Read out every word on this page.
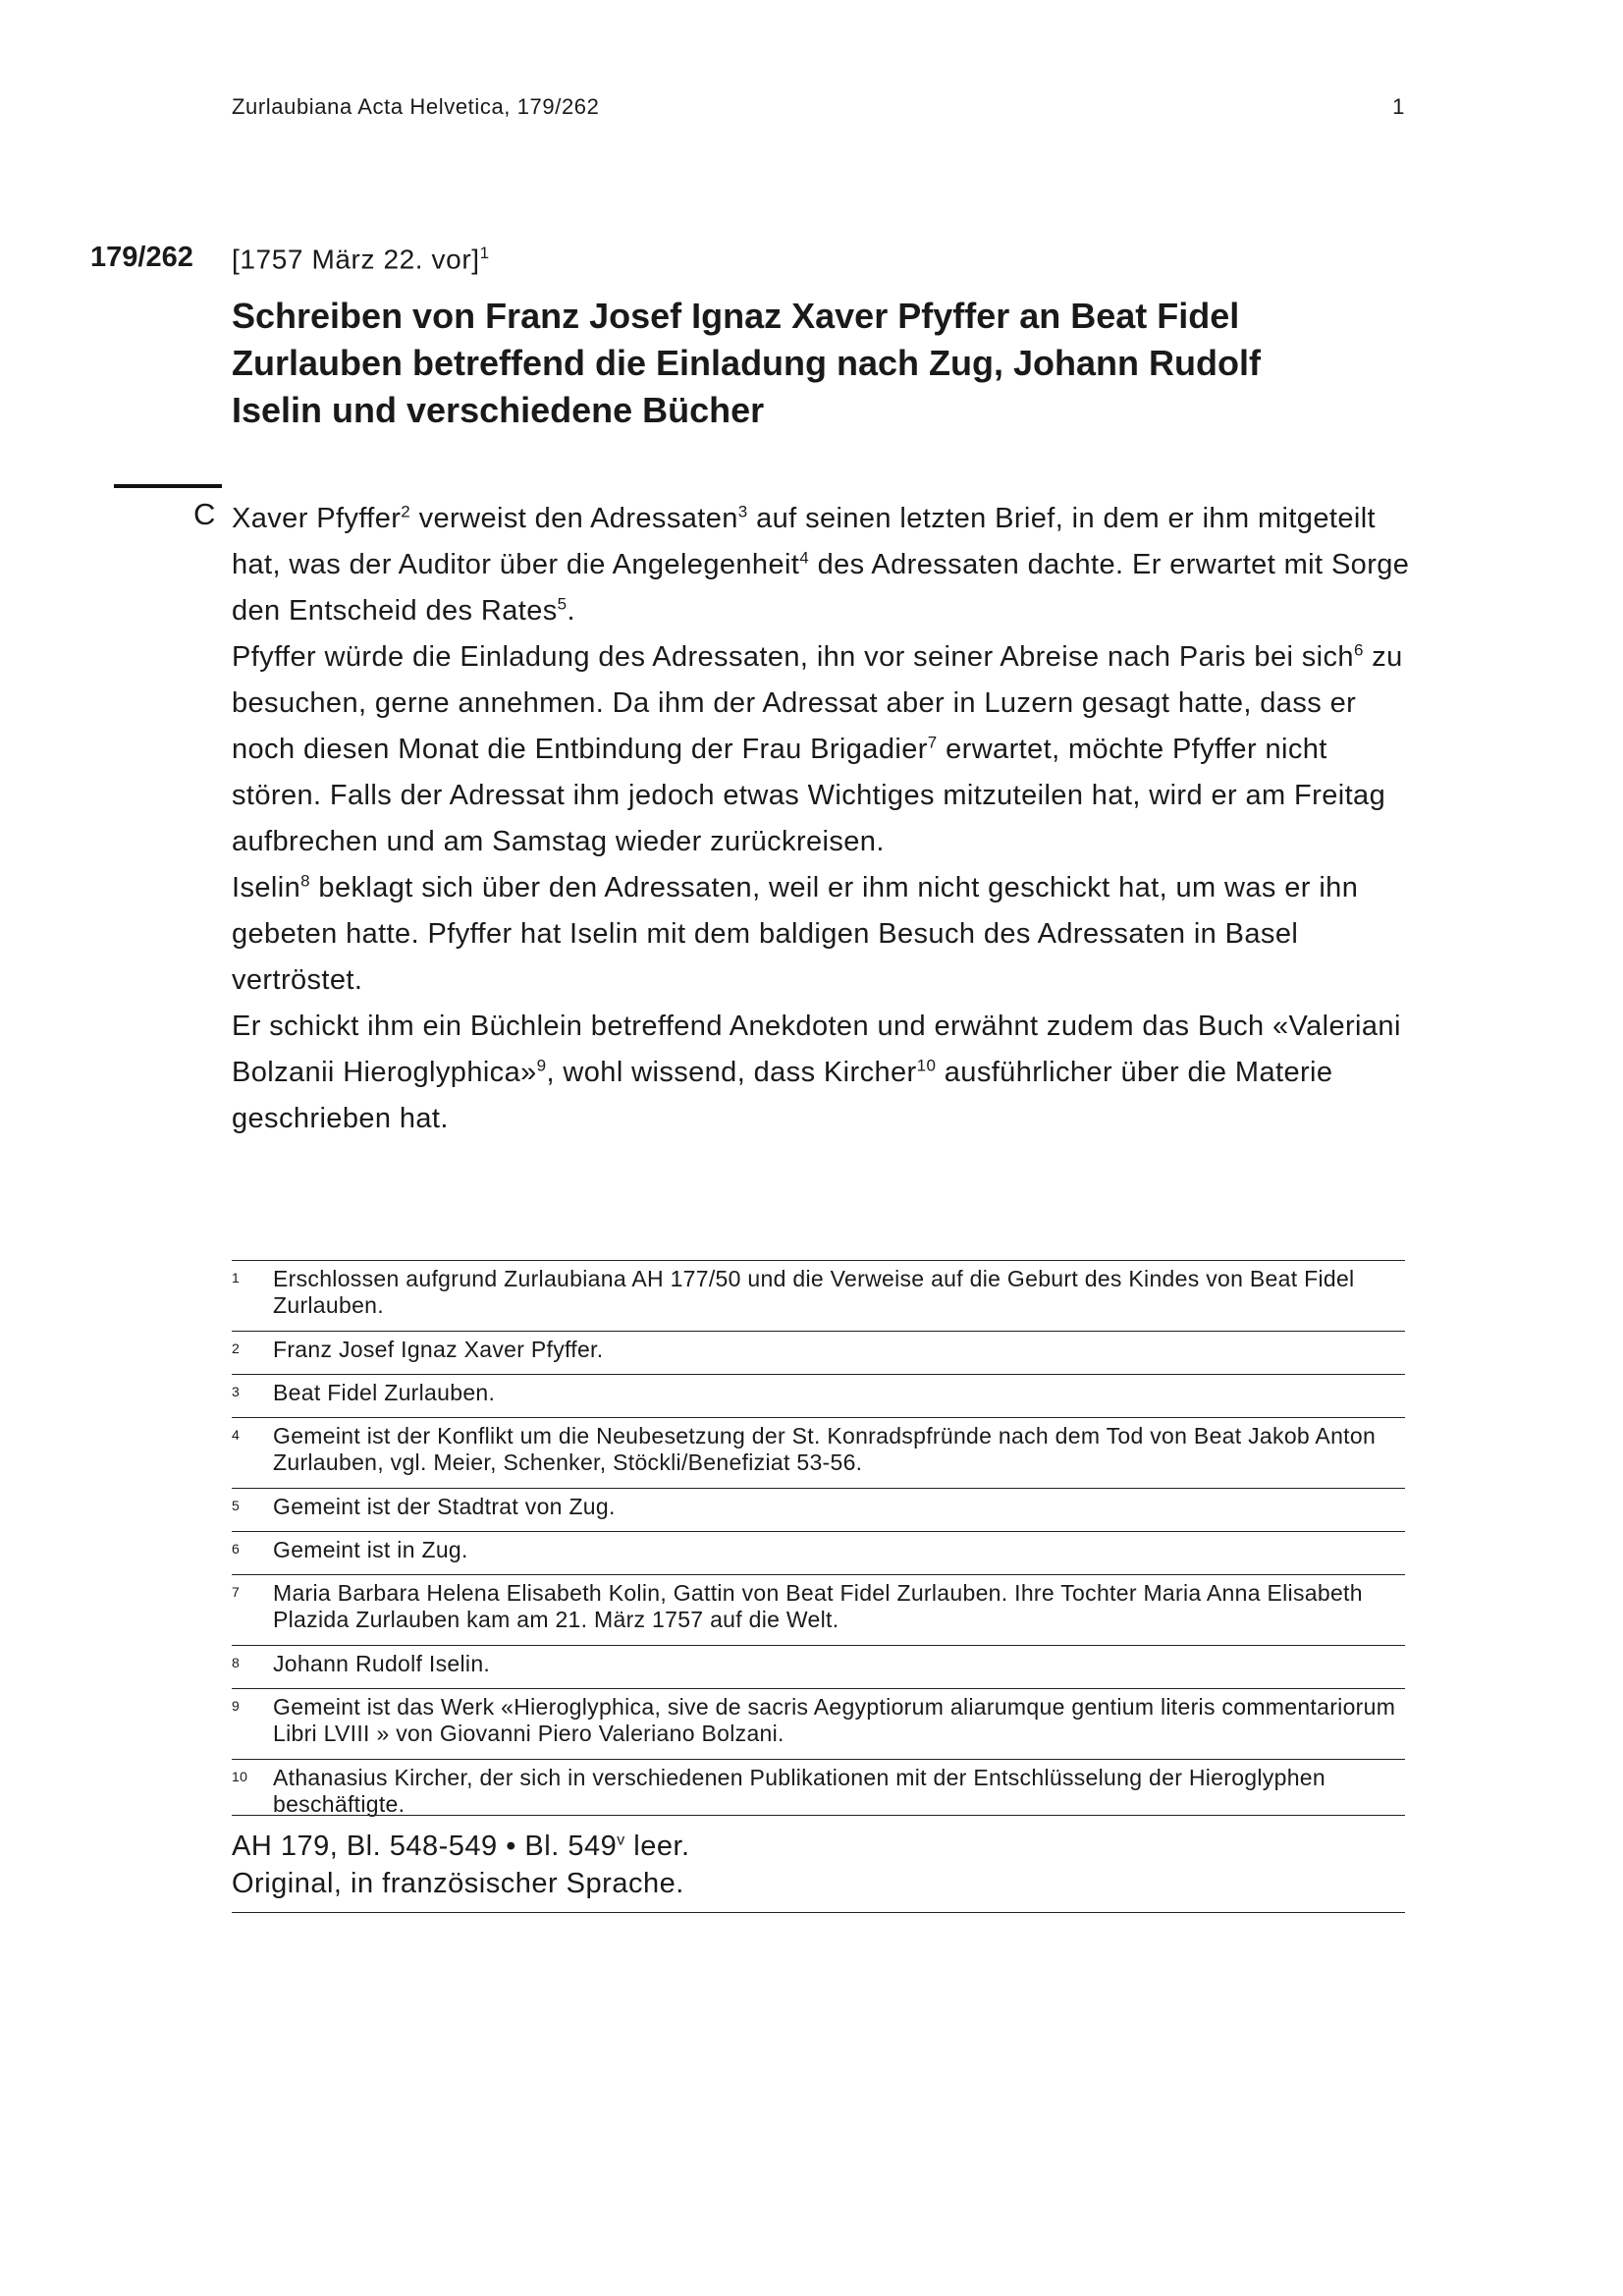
Zurlaubiana Acta Helvetica, 179/262	1
179/262 [1757 März 22. vor]$^1$
Schreiben von Franz Josef Ignaz Xaver Pfyffer an Beat Fidel Zurlauben betreffend die Einladung nach Zug, Johann Rudolf Iselin und verschiedene Bücher
C Xaver Pfyffer$^2$ verweist den Adressaten$^3$ auf seinen letzten Brief, in dem er ihm mitgeteilt hat, was der Auditor über die Angelegenheit$^4$ des Adressaten dachte. Er erwartet mit Sorge den Entscheid des Rates$^5$.

Pfyffer würde die Einladung des Adressaten, ihn vor seiner Abreise nach Paris bei sich$^6$ zu besuchen, gerne annehmen. Da ihm der Adressat aber in Luzern gesagt hatte, dass er noch diesen Monat die Entbindung der Frau Brigadier$^7$ erwartet, möchte Pfyffer nicht stören. Falls der Adressat ihm jedoch etwas Wichtiges mitzuteilen hat, wird er am Freitag aufbrechen und am Samstag wieder zurückreisen.

Iselin$^8$ beklagt sich über den Adressaten, weil er ihm nicht geschickt hat, um was er ihn gebeten hatte. Pfyffer hat Iselin mit dem baldigen Besuch des Adressaten in Basel vertröstet.

Er schickt ihm ein Büchlein betreffend Anekdoten und erwähnt zudem das Buch «Valeriani Bolzanii Hieroglyphica»$^9$, wohl wissend, dass Kircher$^{10}$ ausführlicher über die Materie geschrieben hat.

1 Erschlossen aufgrund Zurlaubiana AH 177/50 und die Verweise auf die Geburt des Kindes von Beat Fidel Zurlauben.
2 Franz Josef Ignaz Xaver Pfyffer.
3 Beat Fidel Zurlauben.
4 Gemeint ist der Konflikt um die Neubesetzung der St. Konradspfründe nach dem Tod von Beat Jakob Anton Zurlauben, vgl. Meier, Schenker, Stöckli/Benefiziat 53-56.
5 Gemeint ist der Stadtrat von Zug.
6 Gemeint ist in Zug.
7 Maria Barbara Helena Elisabeth Kolin, Gattin von Beat Fidel Zurlauben. Ihre Tochter Maria Anna Elisabeth Plazida Zurlauben kam am 21. März 1757 auf die Welt.
8 Johann Rudolf Iselin.
9 Gemeint ist das Werk «Hieroglyphica, sive de sacris Aegyptiorum aliarumque gentium literis commentariorum Libri LVIII » von Giovanni Piero Valeriano Bolzani.
10 Athanasius Kircher, der sich in verschiedenen Publikationen mit der Entschlüsselung der Hieroglyphen beschäftigte.
AH 179, Bl. 548-549 • Bl. 549$^v$ leer.
Original, in französischer Sprache.
